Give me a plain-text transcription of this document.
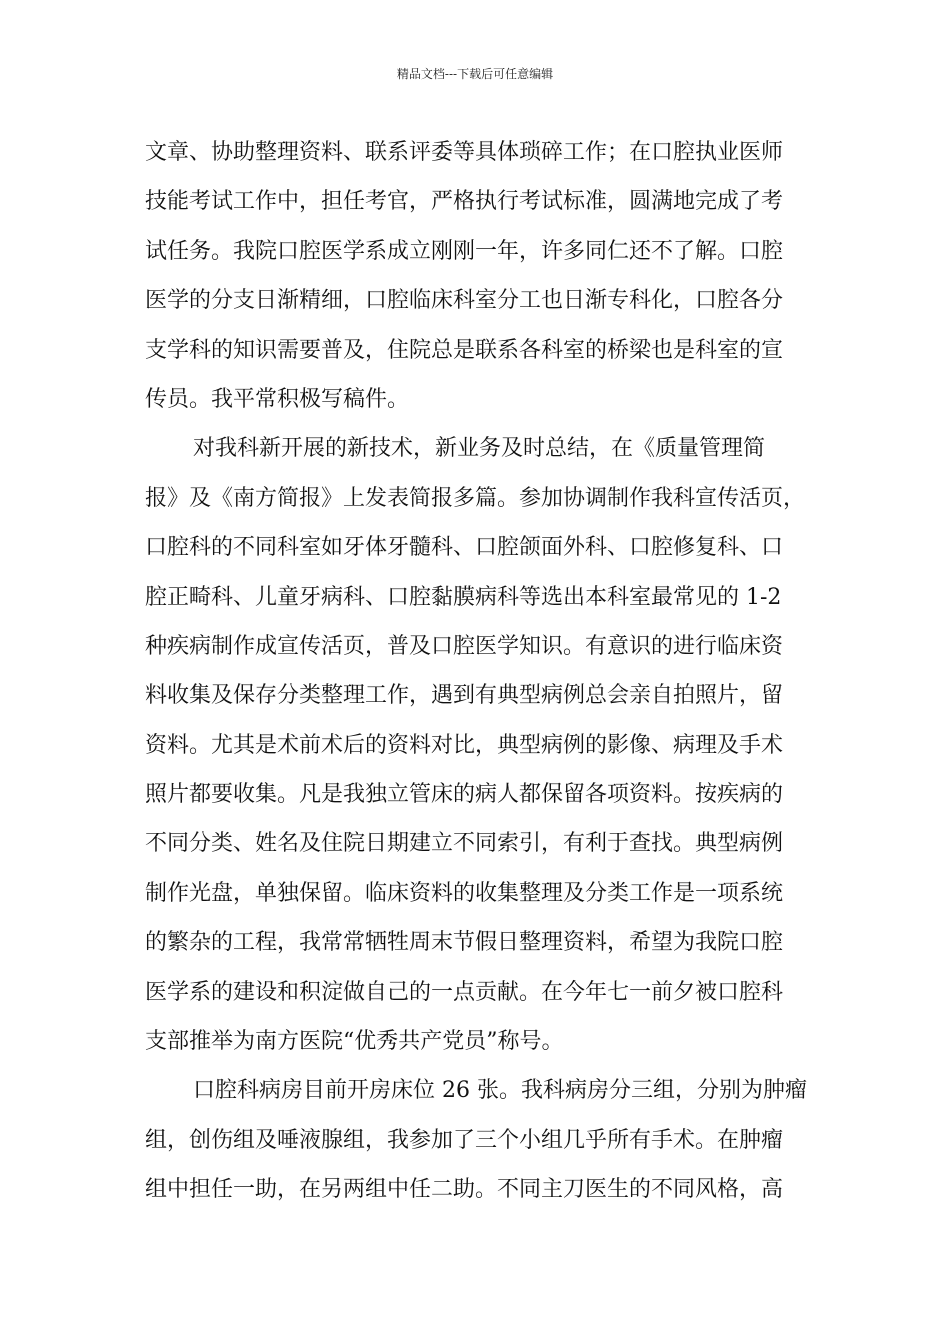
精品文档---下载后可任意编辑
文章、协助整理资料、联系评委等具体琐碎工作；在口腔执业医师
技能考试工作中，担任考官，严格执行考试标准，圆满地完成了考
试任务。我院口腔医学系成立刚刚一年，许多同仁还不了解。口腔
医学的分支日渐精细，口腔临床科室分工也日渐专科化，口腔各分
支学科的知识需要普及，住院总是联系各科室的桥梁也是科室的宣
传员。我平常积极写稿件。
对我科新开展的新技术，新业务及时总结，在《质量管理简
报》及《南方简报》上发表简报多篇。参加协调制作我科宣传活页，
口腔科的不同科室如牙体牙髓科、口腔颌面外科、口腔修复科、口
腔正畸科、儿童牙病科、口腔黏膜病科等选出本科室最常见的 1-2
种疾病制作成宣传活页，普及口腔医学知识。有意识的进行临床资
料收集及保存分类整理工作，遇到有典型病例总会亲自拍照片，留
资料。尤其是术前术后的资料对比，典型病例的影像、病理及手术
照片都要收集。凡是我独立管床的病人都保留各项资料。按疾病的
不同分类、姓名及住院日期建立不同索引，有利于查找。典型病例
制作光盘，单独保留。临床资料的收集整理及分类工作是一项系统
的繁杂的工程，我常常牺牲周末节假日整理资料，希望为我院口腔
医学系的建设和积淀做自己的一点贡献。在今年七一前夕被口腔科
支部推举为南方医院“优秀共产党员”称号。
口腔科病房目前开房床位 26 张。我科病房分三组，分别为肿瘤
组，创伤组及唾液腺组，我参加了三个小组几乎所有手术。在肿瘤
组中担任一助，在另两组中任二助。不同主刀医生的不同风格，高
